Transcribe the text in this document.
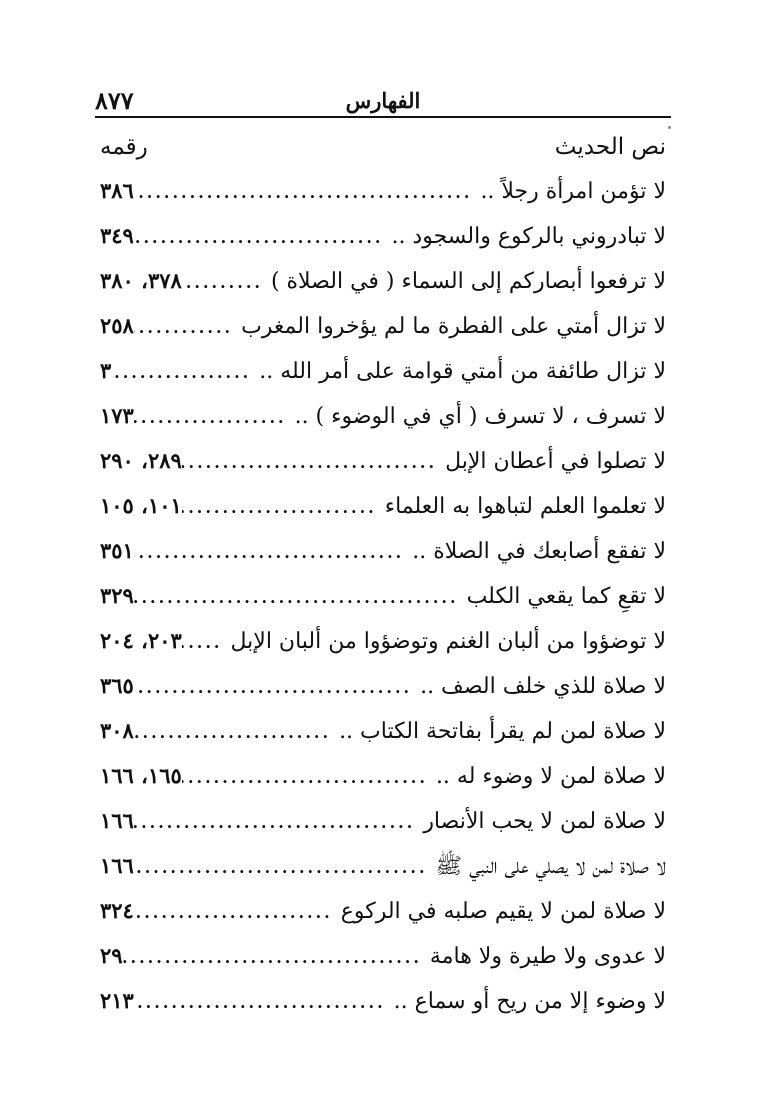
٨٧٧	الفهارس
نص الحديث
رقمه
لا تؤمن امرأة رجلاً ..
.....
٣٨٦
لا تبادروني بالركوع والسجود ..
.....
٣٤٩
لا ترفعوا أبصاركم إلى السماء ( في الصلاة )
.....
٣٧٨، ٣٨٠
لا تزال أمتي على الفطرة ما لم يؤخروا المغرب
.....
٢٥٨
لا تزال طائفة من أمتي قوامة على أمر الله ..
.....
٣
لا تسرف ، لا تسرف ( أي في الوضوء ) ..
.....
١٧٣
لا تصلوا في أعطان الإبل
.....
٢٨٩، ٢٩٠
لا تعلموا العلم لتباهوا به العلماء
.....
١٠١، ١٠٥
لا تفقع أصابعك في الصلاة ..
.....
٣٥١
لا تقعِ كما يقعي الكلب
.....
٣٢٩
لا توضؤوا من ألبان الغنم وتوضؤوا من ألبان الإبل
.....
٢٠٣، ٢٠٤
لا صلاة للذي خلف الصف ..
.....
٣٦٥
لا صلاة لمن لم يقرأ بفاتحة الكتاب ..
.....
٣٠٨
لا صلاة لمن لا وضوء له ..
.....
١٦٥، ١٦٦
لا صلاة لمن لا يحب الأنصار
.....
١٦٦
لا صلاة لمن لا يصلي على النبي ﷺ
.....
١٦٦
لا صلاة لمن لا يقيم صلبه في الركوع
.....
٣٢٤
لا عدوى ولا طيرة ولا هامة
.....
٢٩
لا وضوء إلا من ريح أو سماع ..
.....
٢١٣
